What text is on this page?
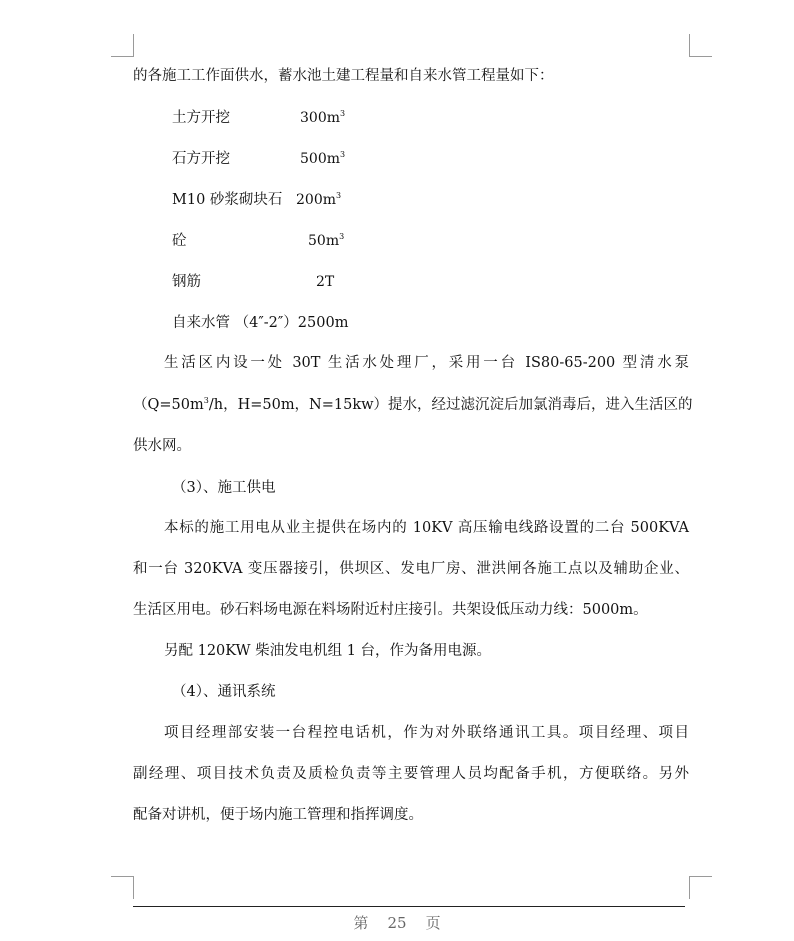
的各施工工作面供水，蓄水池土建工程量和自来水管工程量如下：
土方开挖	$300m^3$
石方开挖	$500m^3$
M10 砂浆砌块石 $200m^3$
砼	$50m^3$
钢筋	2T
自来水管 （4″-2″）2500m
生活区内设一处 30T 生活水处理厂，采用一台 IS80-65-200 型清水泵
（$Q=50m^3/h$，H=50m，N=15kw）提水，经过滤沉淀后加氯消毒后，进入生活区的
供水网。
（3）、施工供电
本标的施工用电从业主提供在场内的 10KV 高压输电线路设置的二台 500KVA
和一台 320KVA 变压器接引，供坝区、发电厂房、泄洪闸各施工点以及辅助企业、
生活区用电。砂石料场电源在料场附近村庄接引。共架设低压动力线：5000m。
另配 120KW 柴油发电机组 1 台，作为备用电源。
（4）、通讯系统
项目经理部安装一台程控电话机，作为对外联络通讯工具。项目经理、项目
副经理、项目技术负责及质检负责等主要管理人员均配备手机，方便联络。另外
配备对讲机，便于场内施工管理和指挥调度。
第 25 页
